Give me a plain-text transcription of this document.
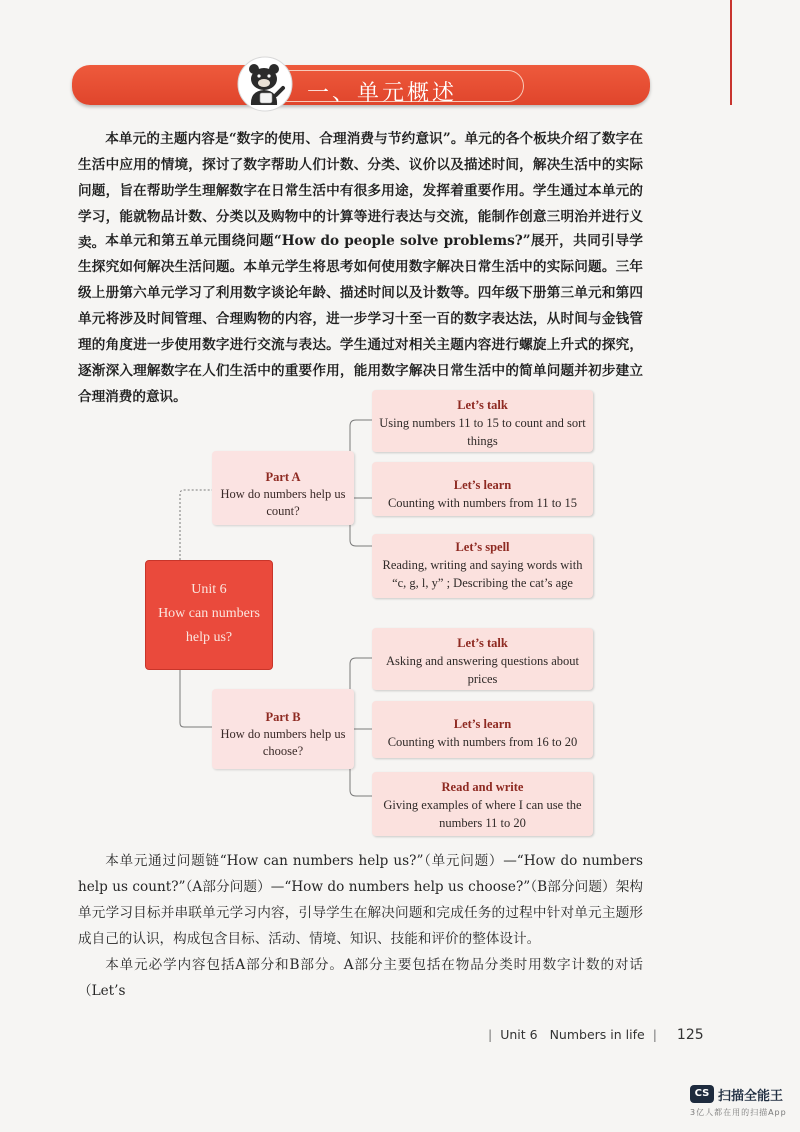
一、单元概述
本单元的主题内容是“数字的使用、合理消费与节约意识”。单元的各个板块介绍了数字在生活中应用的情境，探讨了数字帮助人们计数、分类、议价以及描述时间，解决生活中的实际问题，旨在帮助学生理解数字在日常生活中有很多用途，发挥着重要作用。学生通过本单元的学习，能就物品计数、分类以及购物中的计算等进行表达与交流，能制作创意三明治并进行义卖。 本单元和第五单元围绕问题“How do people solve problems?”展开，共同引导学生探究如何解决生活问题。本单元学生将思考如何使用数字解决日常生活中的实际问题。三年级上册第六单元学习了利用数字谈论年龄、描述时间以及计数等。四年级下册第三单元和第四单元将涉及时间管理、合理购物的内容，进一步学习十至一百的数字表达法，从时间与金钱管理的角度进一步使用数字进行交流与表达。学生通过对相关主题内容进行螺旋上升式的探究，逐渐深入理解数字在人们生活中的重要作用，能用数字解决日常生活中的简单问题并初步建立合理消费的意识。
Unit 6
How can numbers
help us?
Part A
How do numbers help us count?
Part B
How do numbers help us choose?
Let’s talk
Using numbers 11 to 15 to count and sort things
Let’s learn
Counting with numbers from 11 to 15
Let’s spell
Reading, writing and saying words with “c, g, l, y” ; Describing the cat’s age
Let’s talk
Asking and answering questions about prices
Let’s learn
Counting with numbers from 16 to 20
Read and write
Giving examples of where I can use the numbers 11 to 20
本单元通过问题链“How can numbers help us?”（单元问题）—“How do numbers help us count?”（A部分问题）—“How do numbers help us choose?”（B部分问题）架构单元学习目标并串联单元学习内容，引导学生在解决问题和完成任务的过程中针对单元主题形成自己的认识，构成包含目标、活动、情境、知识、技能和评价的整体设计。
本单元必学内容包括A部分和B部分。A部分主要包括在物品分类时用数字计数的对话（Let’s
| Unit 6 Numbers in life | 125
CS 扫描全能王
3亿人都在用的扫描App
